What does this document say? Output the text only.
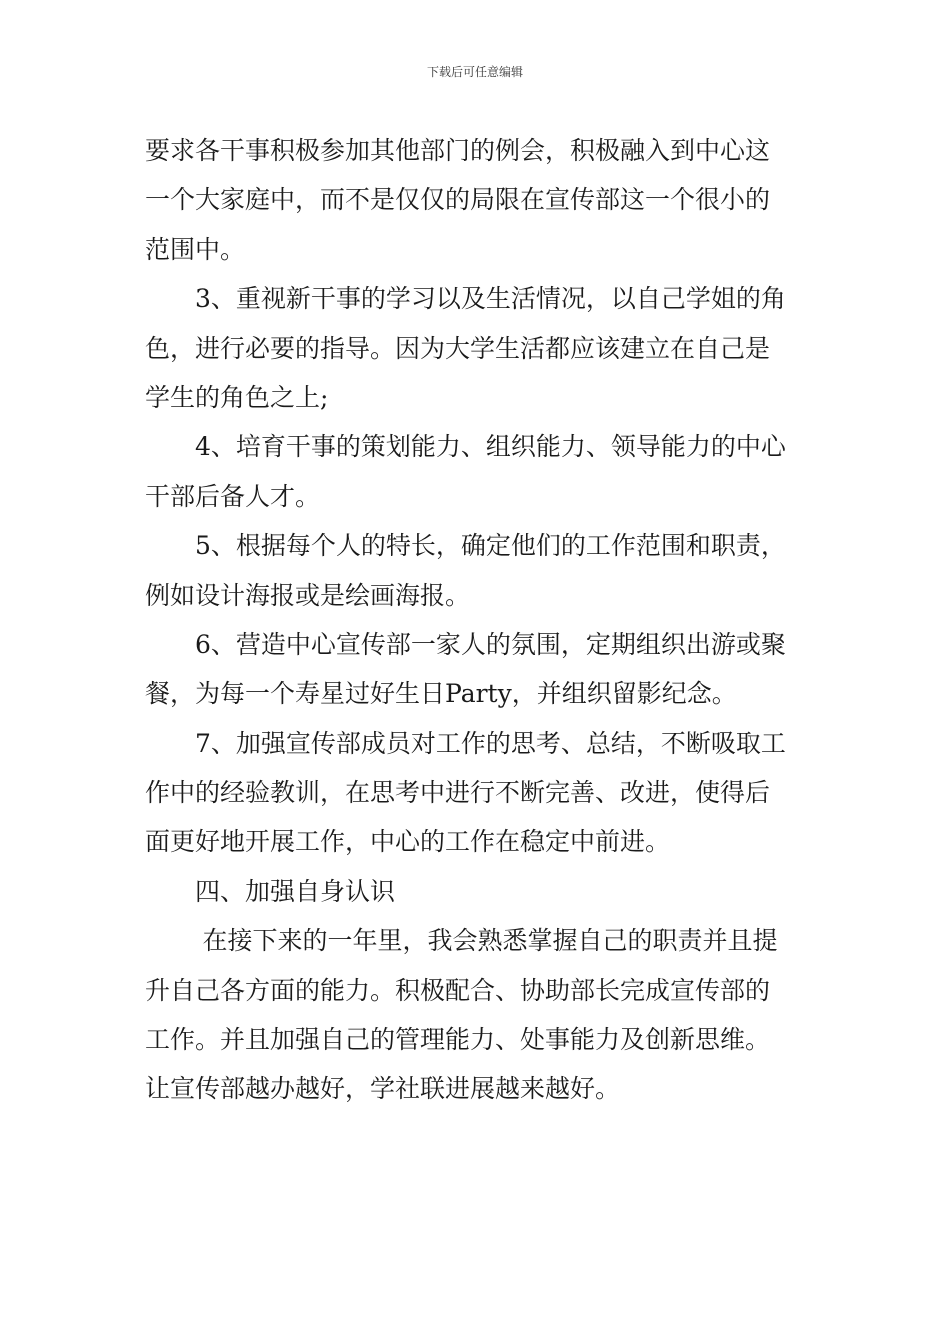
下载后可任意编辑
要求各干事积极参加其他部门的例会，积极融入到中心这
一个大家庭中，而不是仅仅的局限在宣传部这一个很小的
范围中。
3、重视新干事的学习以及生活情况，以自己学姐的角
色，进行必要的指导。因为大学生活都应该建立在自己是
学生的角色之上;
4、培育干事的策划能力、组织能力、领导能力的中心
干部后备人才。
5、根据每个人的特长，确定他们的工作范围和职责，
例如设计海报或是绘画海报。
6、营造中心宣传部一家人的氛围，定期组织出游或聚
餐，为每一个寿星过好生日Party，并组织留影纪念。
7、加强宣传部成员对工作的思考、总结，不断吸取工
作中的经验教训，在思考中进行不断完善、改进，使得后
面更好地开展工作，中心的工作在稳定中前进。
四、加强自身认识
在接下来的一年里，我会熟悉掌握自己的职责并且提
升自己各方面的能力。积极配合、协助部长完成宣传部的
工作。并且加强自己的管理能力、处事能力及创新思维。
让宣传部越办越好，学社联进展越来越好。
